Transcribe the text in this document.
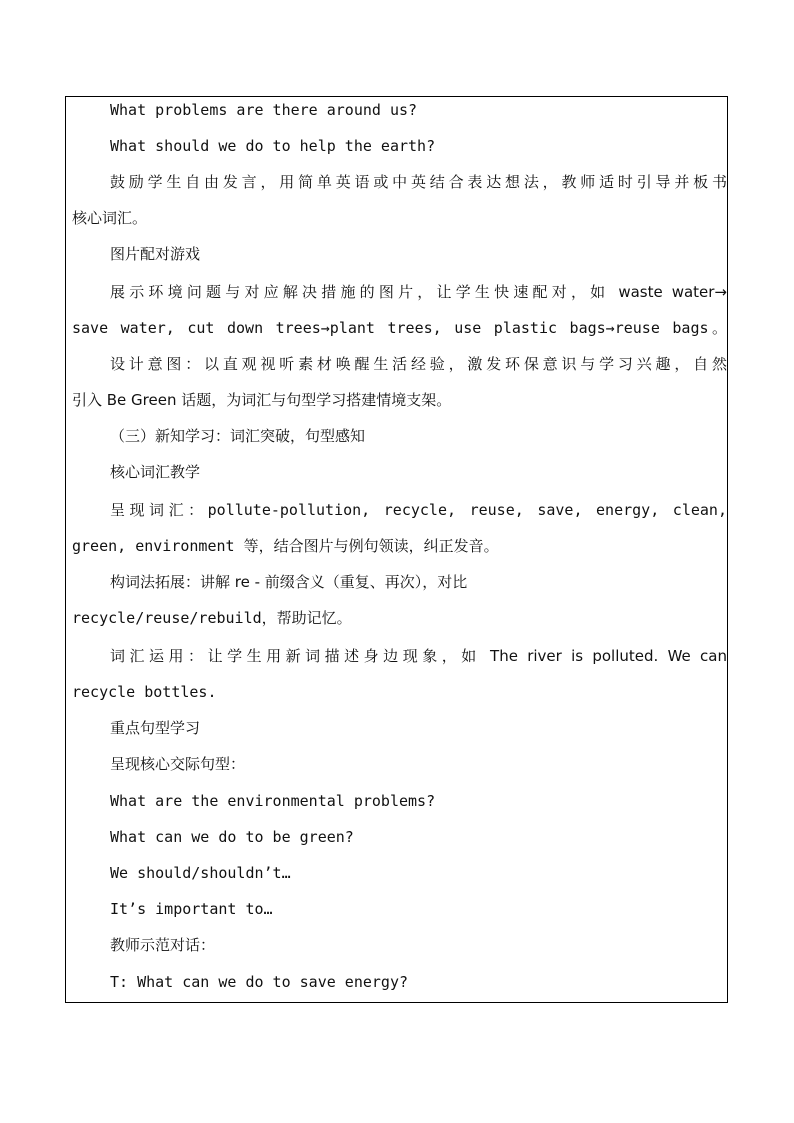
What problems are there around us?
What should we do to help the earth?
鼓励学生自由发言，用简单英语或中英结合表达想法，教师适时引导并板书
核心词汇。
图片配对游戏
展示环境问题与对应解决措施的图片，让学生快速配对，如 waste water→
save water, cut down trees→plant trees, use plastic bags→reuse bags。
设计意图：以直观视听素材唤醒生活经验，激发环保意识与学习兴趣，自然
引入 Be Green 话题，为词汇与句型学习搭建情境支架。
（三）新知学习：词汇突破，句型感知
核心词汇教学
呈现词汇：pollute-pollution, recycle, reuse, save, energy, clean,
green, environment 等，结合图片与例句领读，纠正发音。
构词法拓展：讲解 re - 前缀含义（重复、再次），对比
recycle/reuse/rebuild，帮助记忆。
词汇运用：让学生用新词描述身边现象，如 The river is polluted. We can
recycle bottles.
重点句型学习
呈现核心交际句型：
What are the environmental problems?
What can we do to be green?
We should/shouldn’t…
It’s important to…
教师示范对话：
T: What can we do to save energy?
